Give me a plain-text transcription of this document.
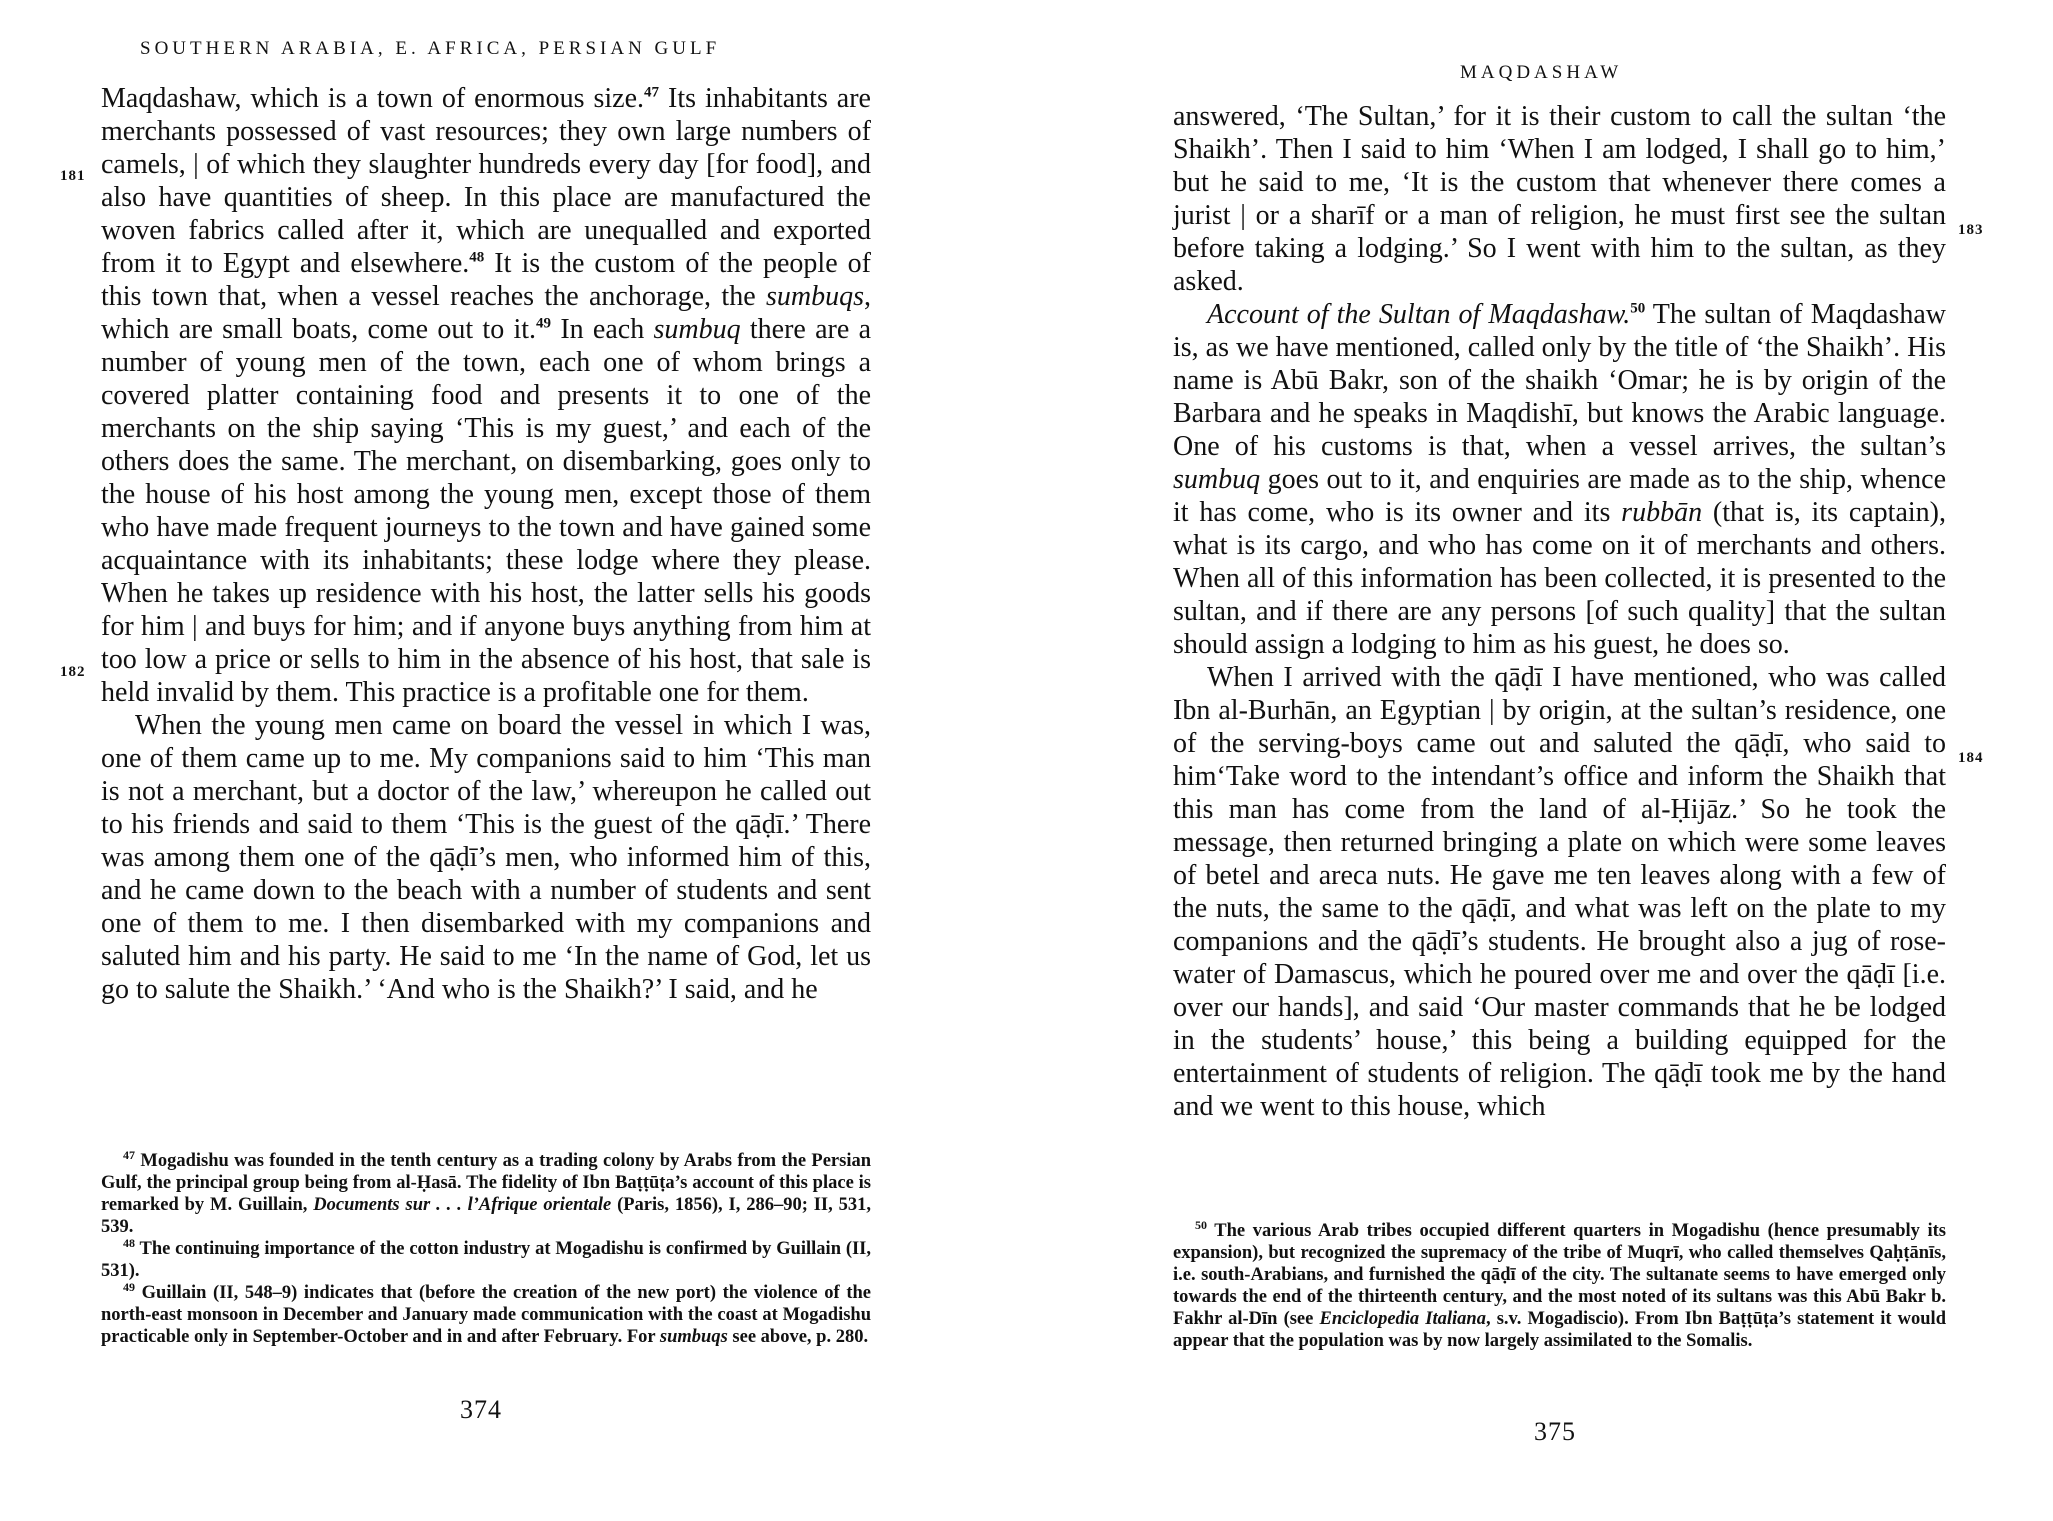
SOUTHERN ARABIA, E. AFRICA, PERSIAN GULF
181
182

Maqdashaw, which is a town of enormous size.$^{47}$ Its inhabitants are merchants possessed of vast resources; they own large numbers of camels, | of which they slaughter hundreds every day [for food], and also have quantities of sheep. In this place are manufactured the woven fabrics called after it, which are unequalled and exported from it to Egypt and elsewhere.$^{48}$ It is the custom of the people of this town that, when a vessel reaches the anchorage, the sumbuqs, which are small boats, come out to it.$^{49}$ In each sumbuq there are a number of young men of the town, each one of whom brings a covered platter containing food and presents it to one of the merchants on the ship saying ‘This is my guest,’ and each of the others does the same. The merchant, on disembarking, goes only to the house of his host among the young men, except those of them who have made frequent journeys to the town and have gained some acquaintance with its inhabitants; these lodge where they please. When he takes up residence with his host, the latter sells his goods for him | and buys for him; and if anyone buys anything from him at too low a price or sells to him in the absence of his host, that sale is held invalid by them. This practice is a profitable one for them.

When the young men came on board the vessel in which I was, one of them came up to me. My companions said to him ‘This man is not a merchant, but a doctor of the law,’ whereupon he called out to his friends and said to them ‘This is the guest of the qāḍī.’ There was among them one of the qāḍī’s men, who informed him of this, and he came down to the beach with a number of students and sent one of them to me. I then disembarked with my companions and saluted him and his party. He said to me ‘In the name of God, let us go to salute the Shaikh.’ ‘And who is the Shaikh?’ I said, and he

$^{47}$ Mogadishu was founded in the tenth century as a trading colony by Arabs from the Persian Gulf, the principal group being from al-Ḥasā. The fidelity of Ibn Baṭṭūṭa’s account of this place is remarked by M. Guillain, Documents sur . . . l’Afrique orientale (Paris, 1856), I, 286–90; II, 531, 539.

$^{48}$ The continuing importance of the cotton industry at Mogadishu is confirmed by Guillain (II, 531).

$^{49}$ Guillain (II, 548–9) indicates that (before the creation of the new port) the violence of the north-east monsoon in December and January made communication with the coast at Mogadishu practicable only in September-October and in and after February. For sumbuqs see above, p. 280.

374
MAQDASHAW
183
184

answered, ‘The Sultan,’ for it is their custom to call the sultan ‘the Shaikh’. Then I said to him ‘When I am lodged, I shall go to him,’ but he said to me, ‘It is the custom that whenever there comes a jurist | or a sharīf or a man of religion, he must first see the sultan before taking a lodging.’ So I went with him to the sultan, as they asked.

Account of the Sultan of Maqdashaw.$^{50}$ The sultan of Maqdashaw is, as we have mentioned, called only by the title of ‘the Shaikh’. His name is Abū Bakr, son of the shaikh ‘Omar; he is by origin of the Barbara and he speaks in Maqdishī, but knows the Arabic language. One of his customs is that, when a vessel arrives, the sultan’s sumbuq goes out to it, and enquiries are made as to the ship, whence it has come, who is its owner and its rubbān (that is, its captain), what is its cargo, and who has come on it of merchants and others. When all of this information has been collected, it is presented to the sultan, and if there are any persons [of such quality] that the sultan should assign a lodging to him as his guest, he does so.

When I arrived with the qāḍī I have mentioned, who was called Ibn al-Burhān, an Egyptian | by origin, at the sultan’s residence, one of the serving-boys came out and saluted the qāḍī, who said to him‘Take word to the intendant’s office and inform the Shaikh that this man has come from the land of al-Ḥijāz.’ So he took the message, then returned bringing a plate on which were some leaves of betel and areca nuts. He gave me ten leaves along with a few of the nuts, the same to the qāḍī, and what was left on the plate to my companions and the qāḍī’s students. He brought also a jug of rose-water of Damascus, which he poured over me and over the qāḍī [i.e. over our hands], and said ‘Our master commands that he be lodged in the students’ house,’ this being a building equipped for the entertainment of students of religion. The qāḍī took me by the hand and we went to this house, which

$^{50}$ The various Arab tribes occupied different quarters in Mogadishu (hence presumably its expansion), but recognized the supremacy of the tribe of Muqrī, who called themselves Qaḥṭānīs, i.e. south-Arabians, and furnished the qāḍī of the city. The sultanate seems to have emerged only towards the end of the thirteenth century, and the most noted of its sultans was this Abū Bakr b. Fakhr al-Dīn (see Enciclopedia Italiana, s.v. Mogadiscio). From Ibn Baṭṭūṭa’s statement it would appear that the population was by now largely assimilated to the Somalis.

375
